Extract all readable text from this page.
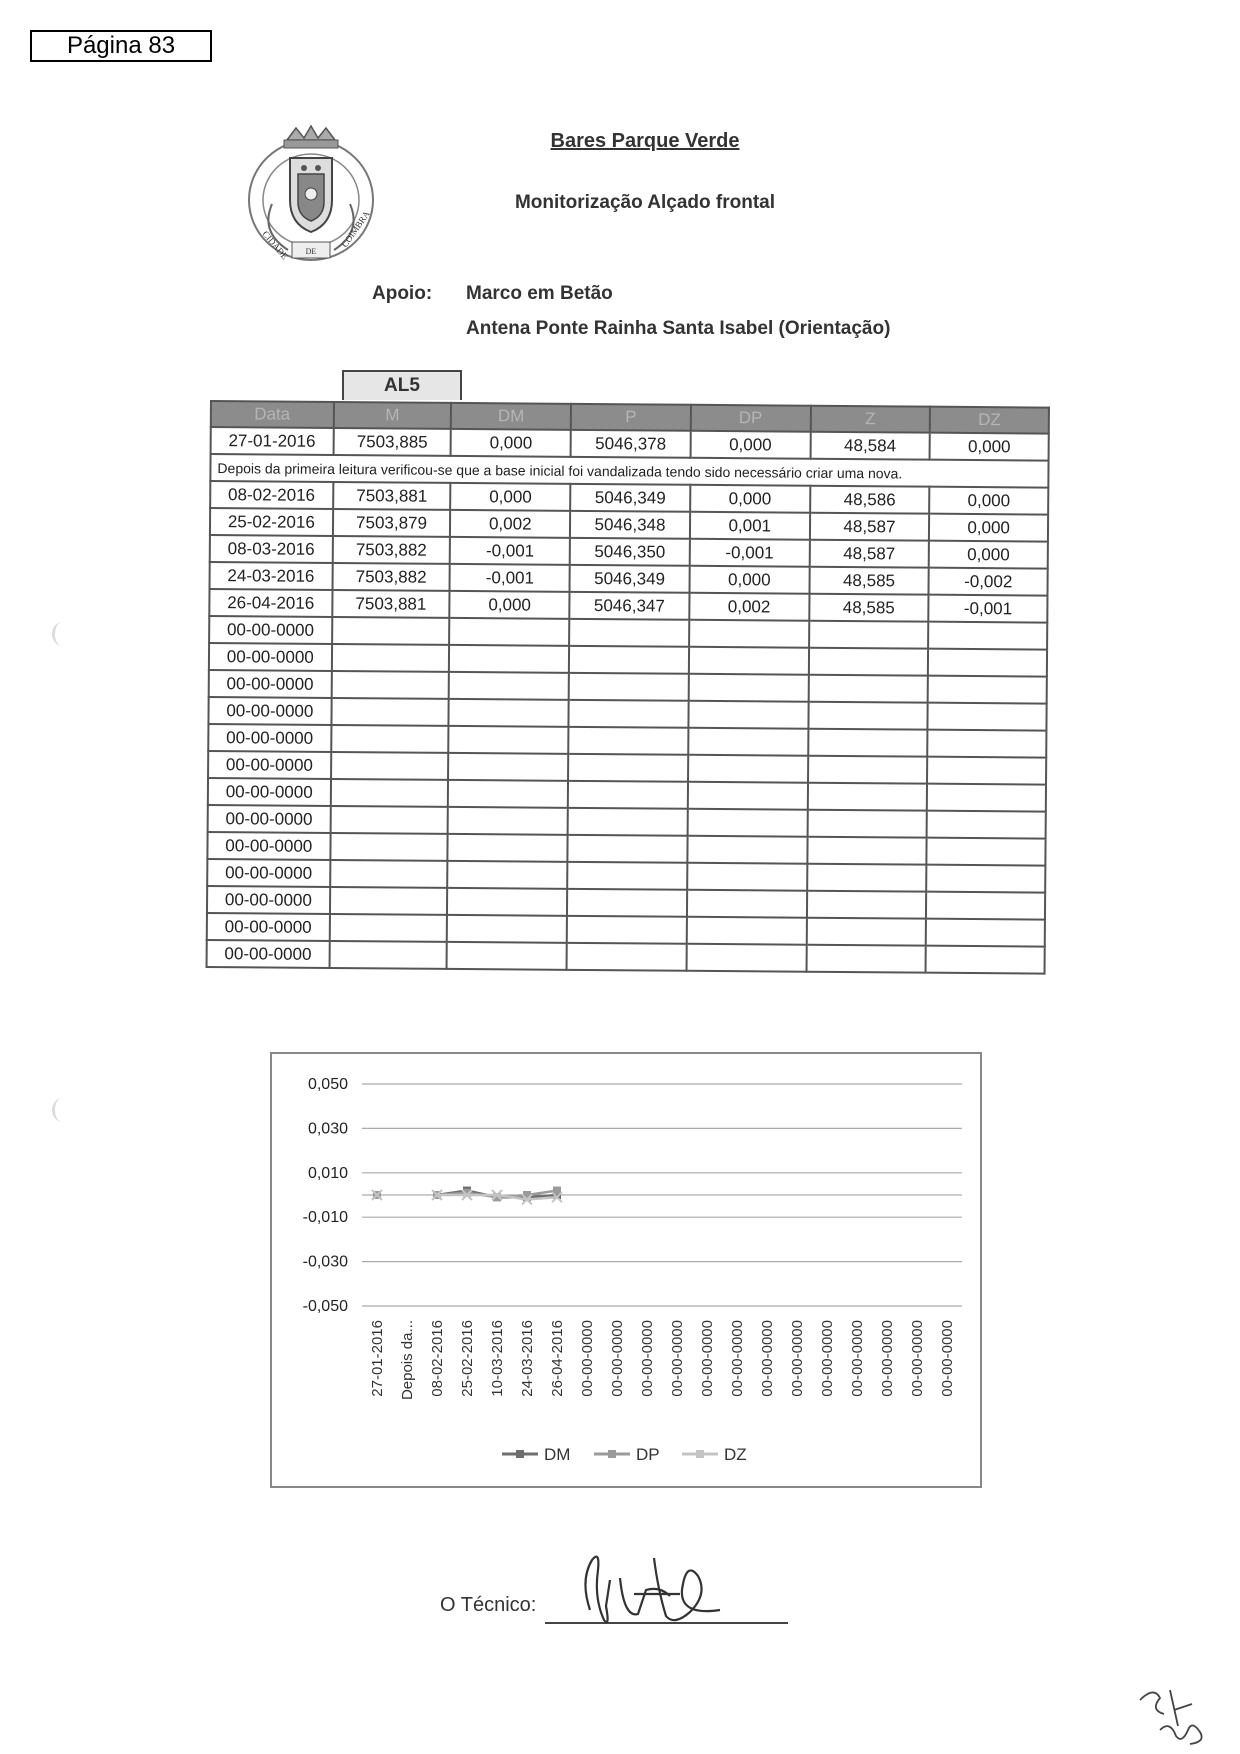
Página 83
DE
CIDADE	COIMBRA
Bares Parque Verde
Monitorização Alçado frontal
Apoio: Marco em Betão
Antena Ponte Rainha Santa Isabel (Orientação)
AL5
Data	M	DM	P	DP	Z	DZ
27-01-2016	7503,885	0,000	5046,378	0,000	48,584	0,000
Depois da primeira leitura verificou-se que a base inicial foi vandalizada tendo sido necessário criar uma nova.						
08-02-2016	7503,881	0,000	5046,349	0,000	48,586	0,000
25-02-2016	7503,879	0,002	5046,348	0,001	48,587	0,000
08-03-2016	7503,882	-0,001	5046,350	-0,001	48,587	0,000
24-03-2016	7503,882	-0,001	5046,349	0,000	48,585	-0,002
26-04-2016	7503,881	0,000	5046,347	0,002	48,585	-0,001
00-00-0000						
00-00-0000						
00-00-0000						
00-00-0000						
00-00-0000						
00-00-0000						
00-00-0000						
00-00-0000						
00-00-0000						
00-00-0000						
00-00-0000						
00-00-0000						
00-00-0000						
0,050
0,030
0,010
-0,010
-0,030
-0,050
27-01-2016 Depois da... 08-02-2016 25-02-2016 10-03-2016 24-03-2016 26-04-2016 00-00-0000 00-00-0000 00-00-0000 00-00-0000 00-00-0000 00-00-0000 00-00-0000 00-00-0000 00-00-0000 00-00-0000 00-00-0000 00-00-0000 00-00-0000
DM	DP	DZ
O Técnico:
